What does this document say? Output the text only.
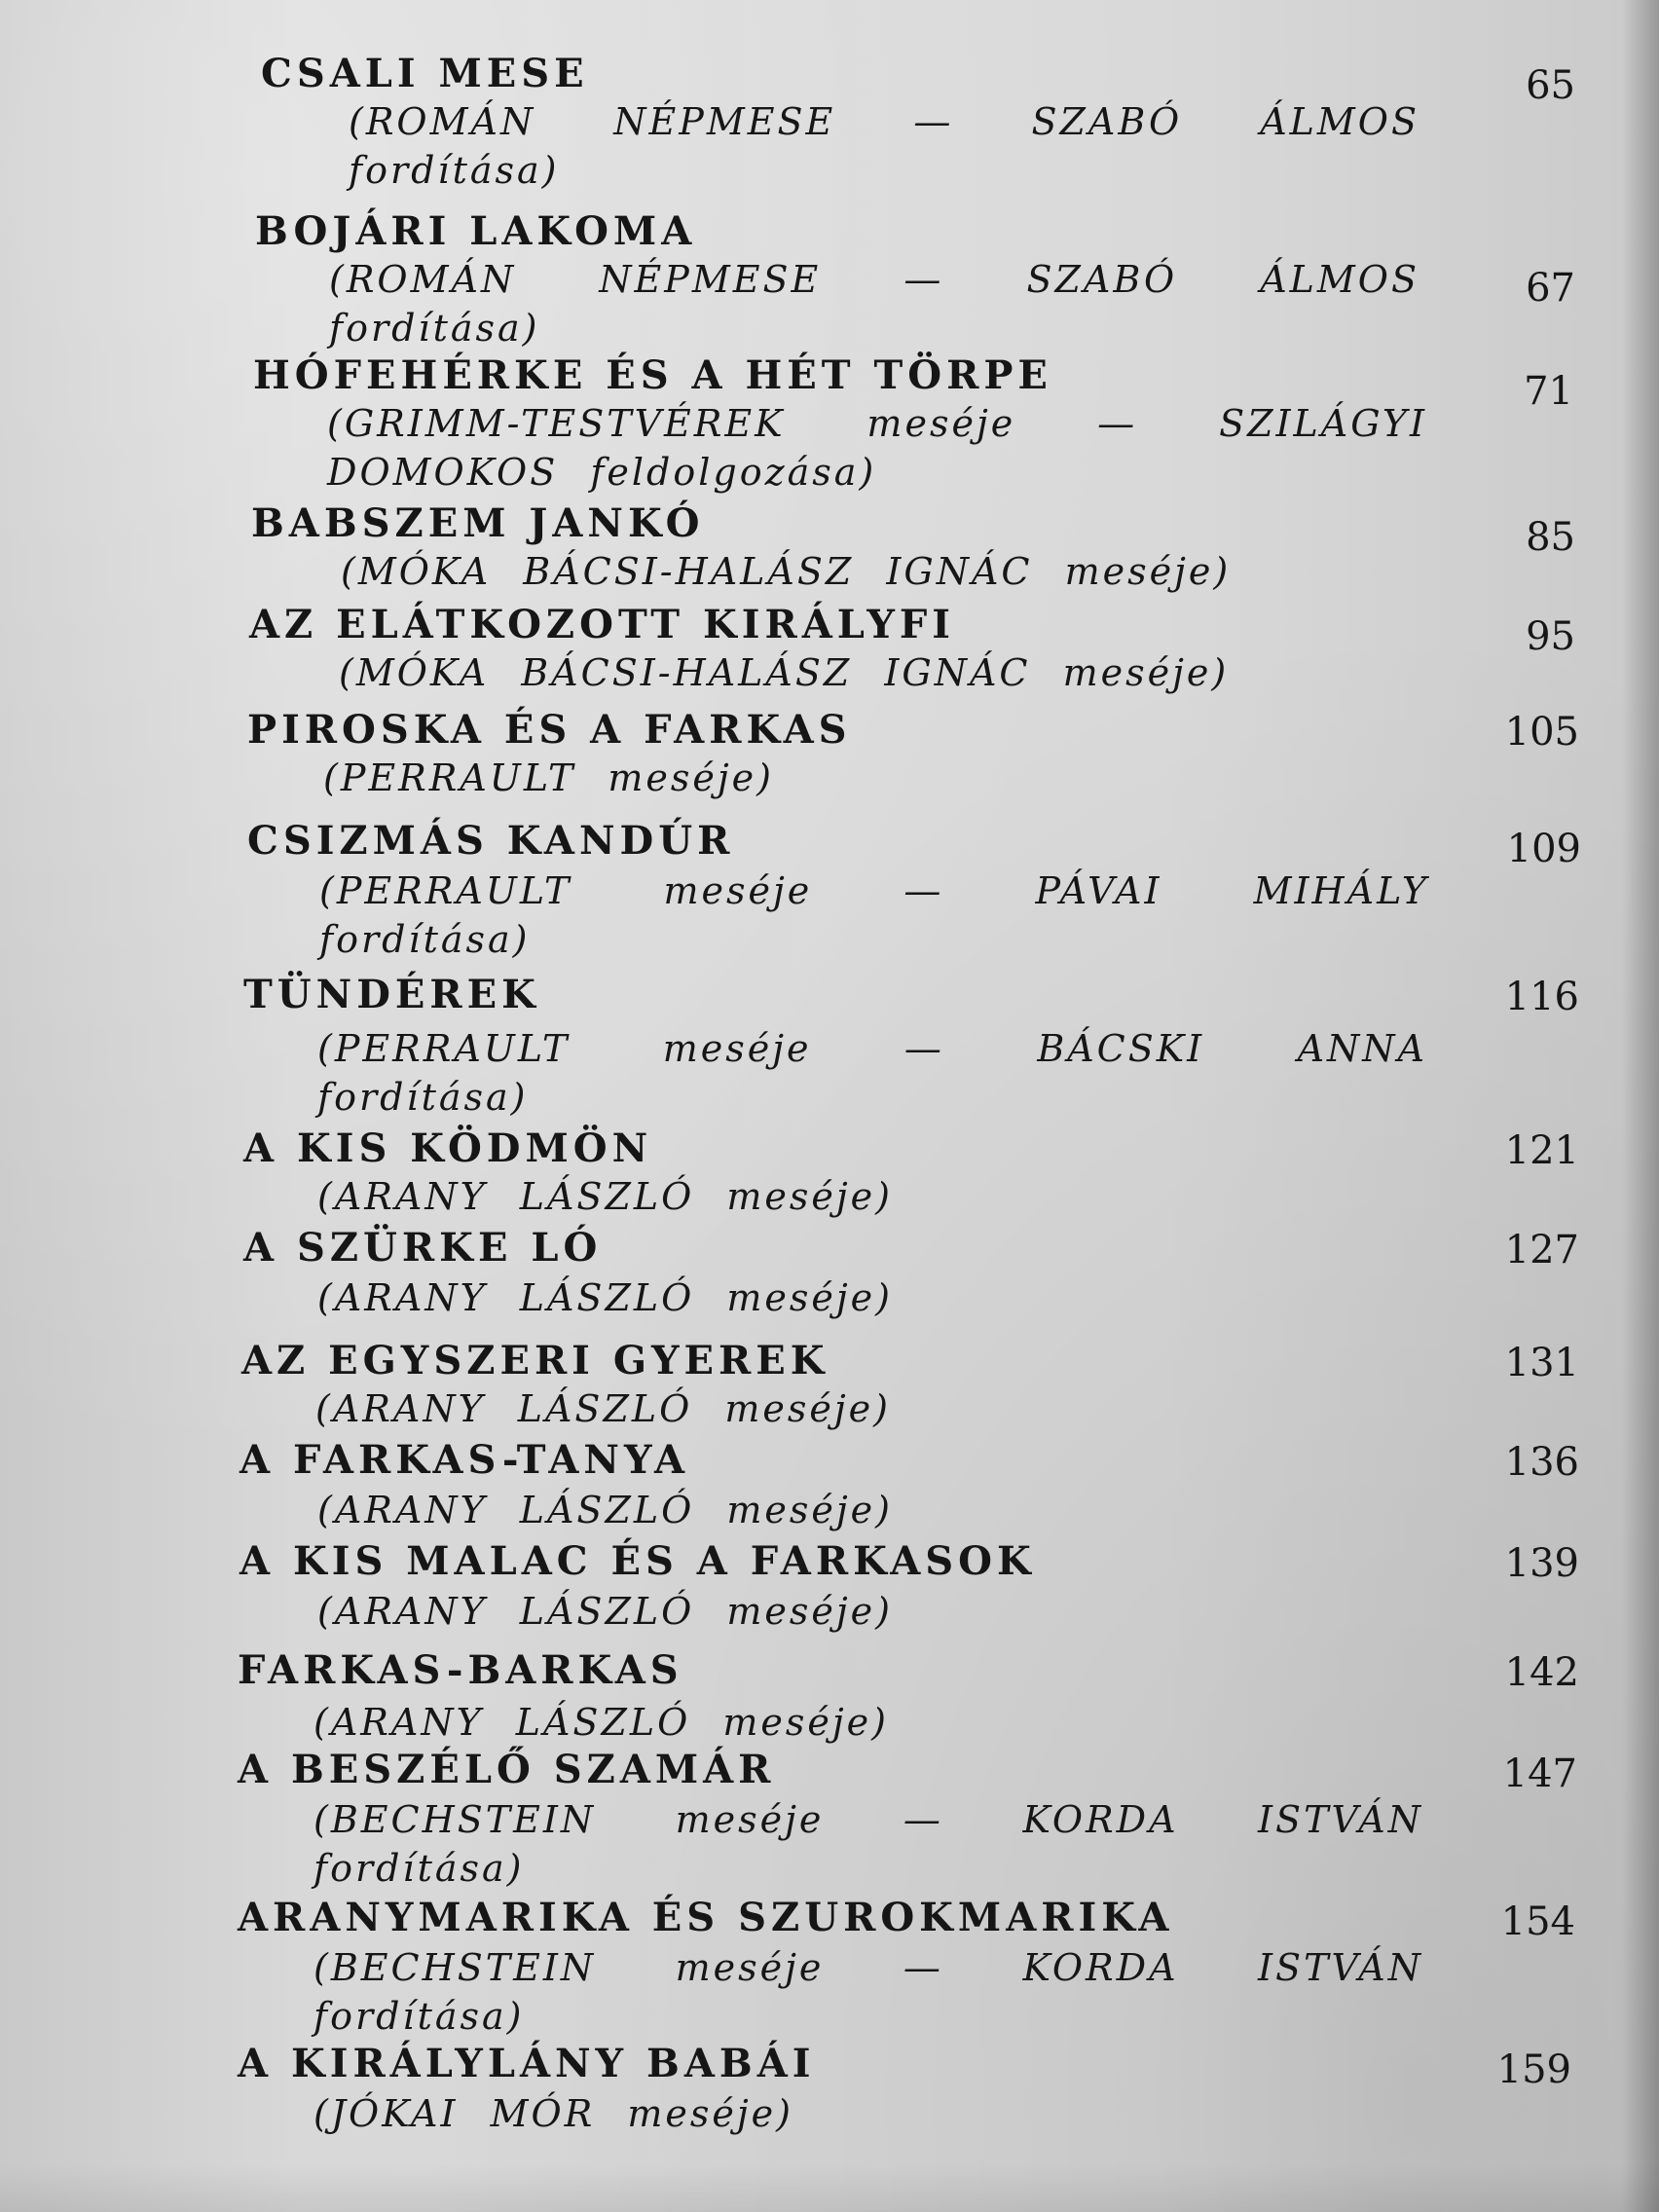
CSALI MESE
(ROMÁN NÉPMESE — SZABÓ ÁLMOS fordítása)
65
BOJÁRI LAKOMA
(ROMÁN NÉPMESE — SZABÓ ÁLMOS fordítása)
67
HÓFEHÉRKE ÉS A HÉT TÖRPE
(GRIMM-TESTVÉREK meséje — SZILÁGYI DOMOKOS feldolgozása)
71
BABSZEM JANKÓ
(MÓKA BÁCSI-HALÁSZ IGNÁC meséje)
85
AZ ELÁTKOZOTT KIRÁLYFI
(MÓKA BÁCSI-HALÁSZ IGNÁC meséje)
95
PIROSKA ÉS A FARKAS
(PERRAULT meséje)
105
CSIZMÁS KANDÚR
(PERRAULT meséje — PÁVAI MIHÁLY fordítása)
109
TÜNDÉREK
(PERRAULT meséje — BÁCSKI ANNA fordítása)
116
A KIS KÖDMÖN
(ARANY LÁSZLÓ meséje)
121
A SZÜRKE LÓ
(ARANY LÁSZLÓ meséje)
127
AZ EGYSZERI GYEREK
(ARANY LÁSZLÓ meséje)
131
A FARKAS-TANYA
(ARANY LÁSZLÓ meséje)
136
A KIS MALAC ÉS A FARKASOK
(ARANY LÁSZLÓ meséje)
139
FARKAS-BARKAS
(ARANY LÁSZLÓ meséje)
142
A BESZÉLŐ SZAMÁR
(BECHSTEIN meséje — KORDA ISTVÁN fordítása)
147
ARANYMARIKA ÉS SZUROKMARIKA
(BECHSTEIN meséje — KORDA ISTVÁN fordítása)
154
A KIRÁLYLÁNY BABÁI
(JÓKAI MÓR meséje)
159
